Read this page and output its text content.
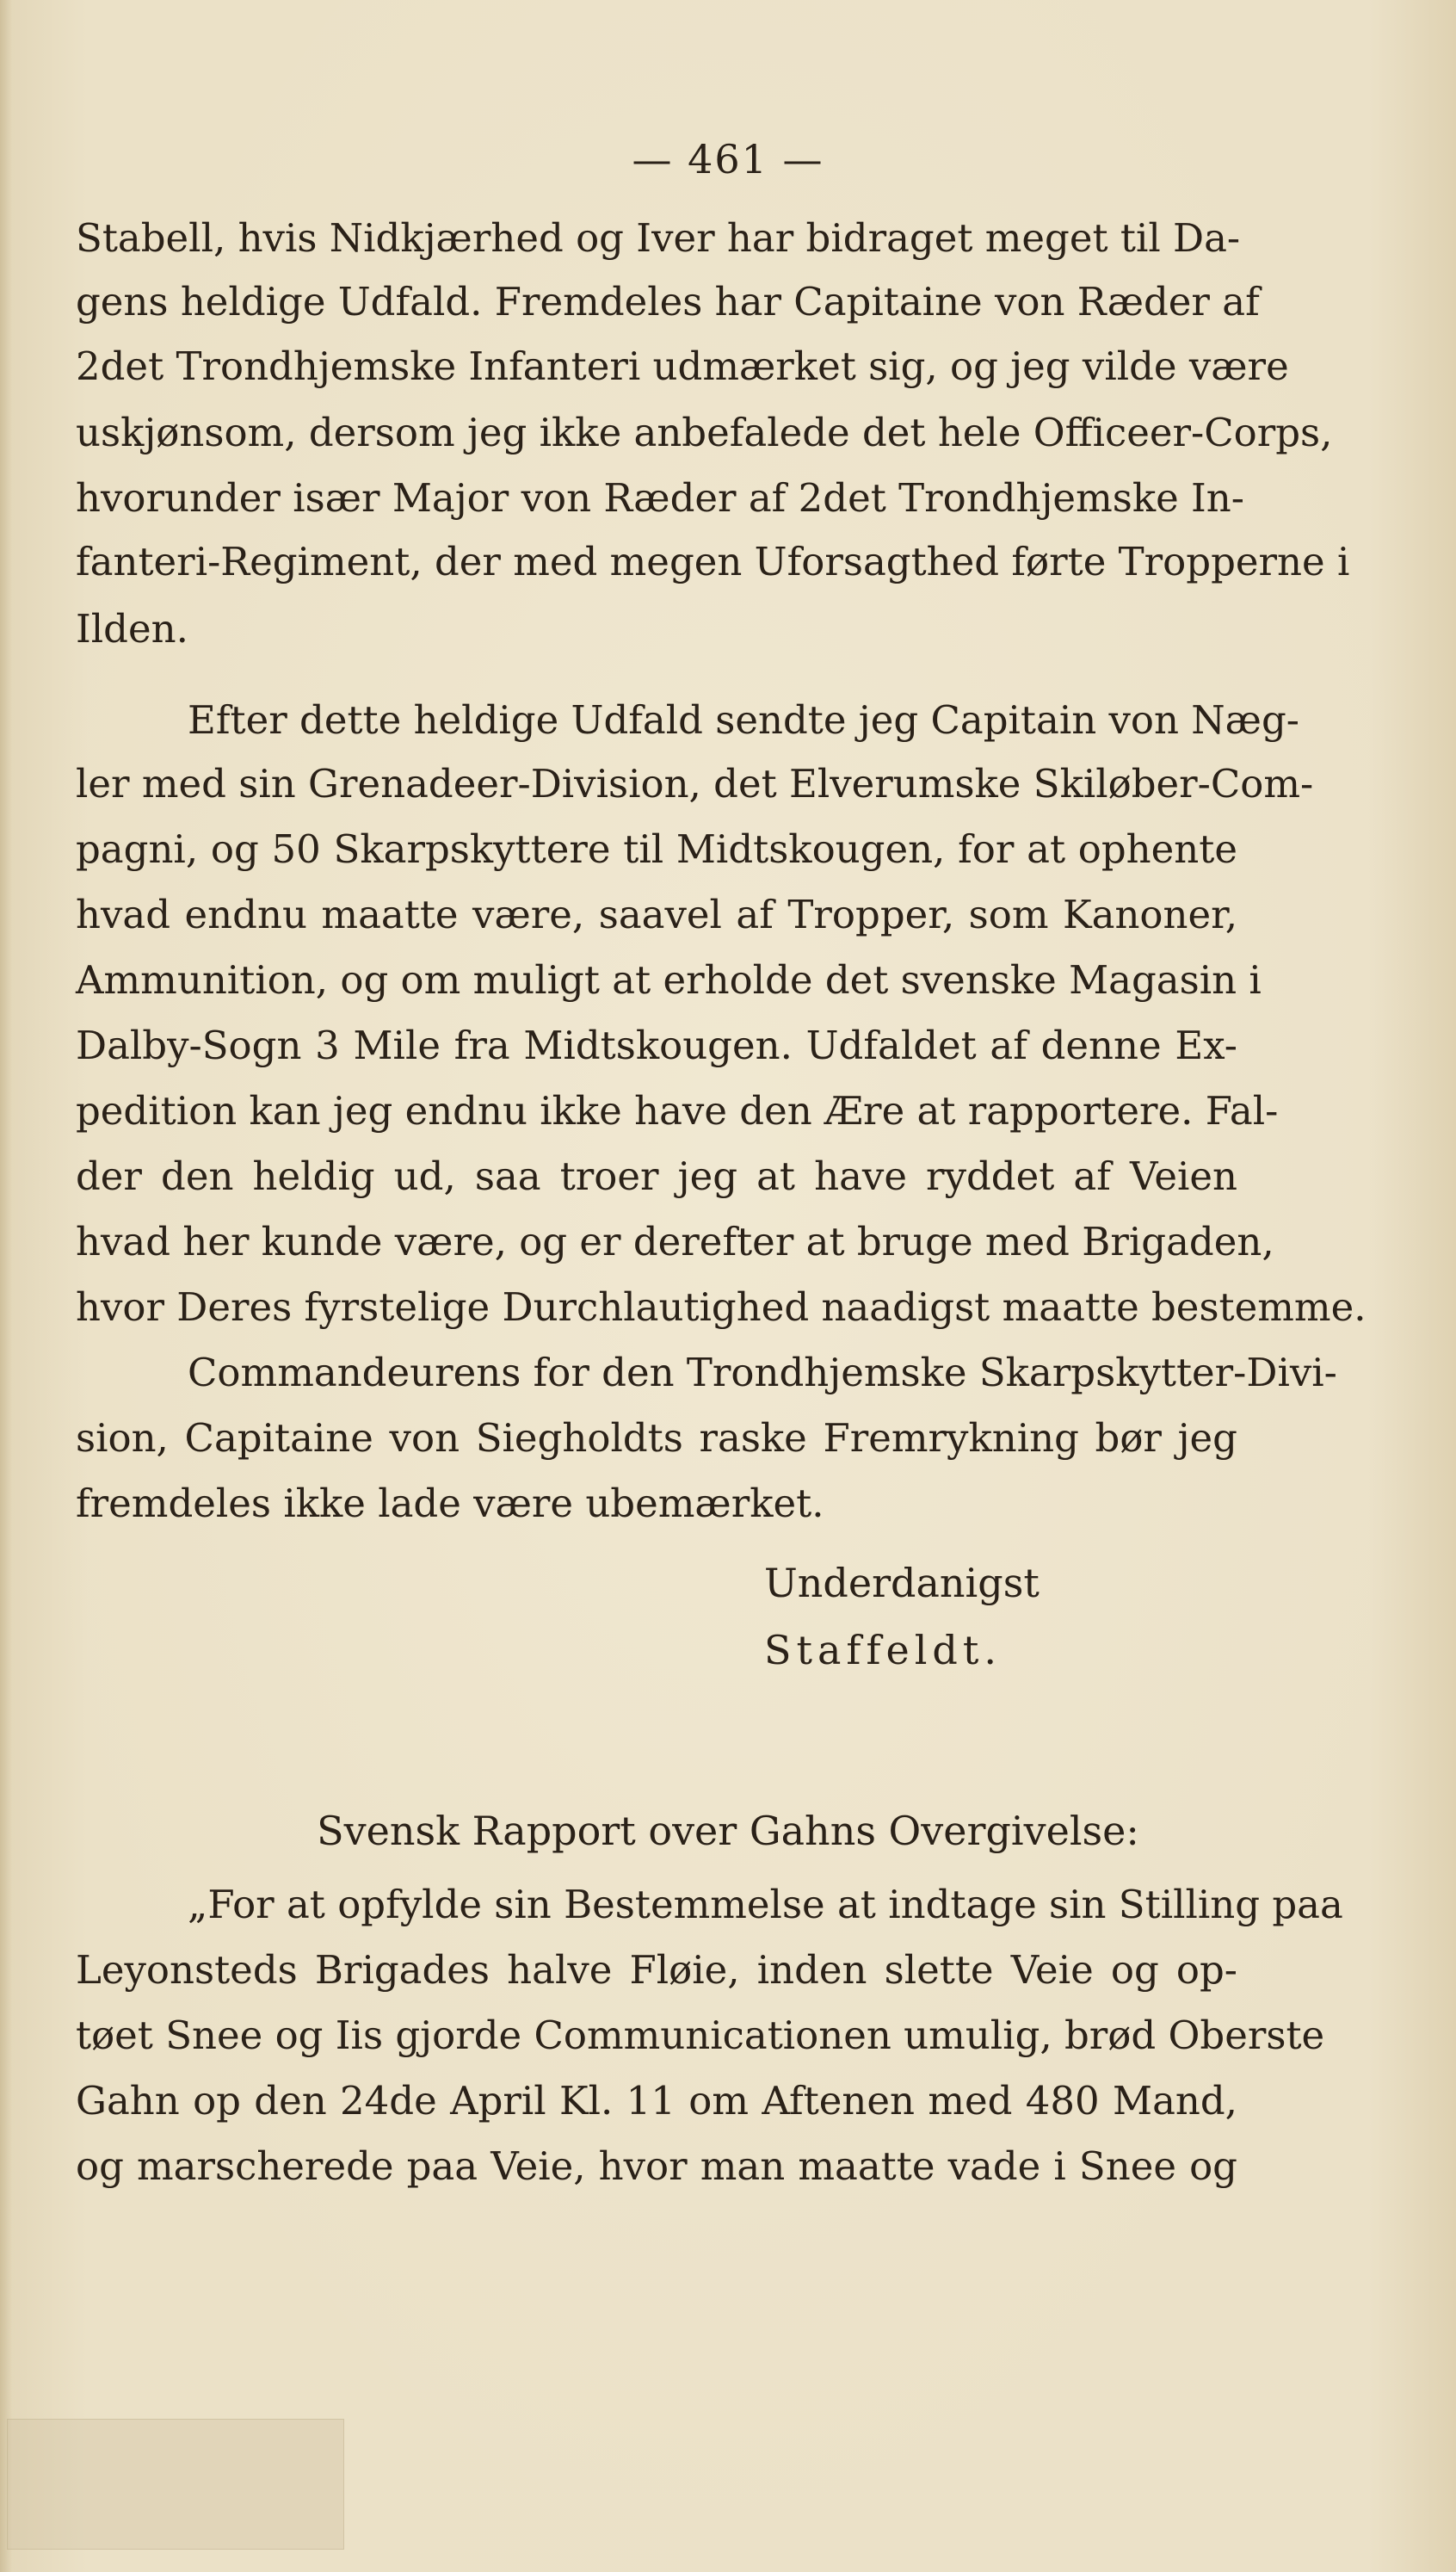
— 461 —
Stabell, hvis Nidkjærhed og Iver har bidraget meget til Da-
gens heldige Udfald. Fremdeles har Capitaine von Ræder af
2det Trondhjemske Infanteri udmærket sig, og jeg vilde være
uskjønsom, dersom jeg ikke anbefalede det hele Officeer-Corps,
hvorunder især Major von Ræder af 2det Trondhjemske In-
fanteri-Regiment, der med megen Uforsagthed førte Tropperne i
Ilden.
Efter dette heldige Udfald sendte jeg Capitain von Næg-
ler med sin Grenadeer-Division, det Elverumske Skiløber-Com-
pagni, og 50 Skarpskyttere til Midtskougen, for at ophente
hvad endnu maatte være, saavel af Tropper, som Kanoner,
Ammunition, og om muligt at erholde det svenske Magasin i
Dalby-Sogn 3 Mile fra Midtskougen. Udfaldet af denne Ex-
pedition kan jeg endnu ikke have den Ære at rapportere. Fal-
der den heldig ud, saa troer jeg at have ryddet af Veien
hvad her kunde være, og er derefter at bruge med Brigaden,
hvor Deres fyrstelige Durchlautighed naadigst maatte bestemme.
Commandeurens for den Trondhjemske Skarpskytter-Divi-
sion, Capitaine von Siegholdts raske Fremrykning bør jeg
fremdeles ikke lade være ubemærket.
Underdanigst
Staffeldt.
Svensk Rapport over Gahns Overgivelse:
„For at opfylde sin Bestemmelse at indtage sin Stilling paa
Leyonsteds Brigades halve Fløie, inden slette Veie og op-
tøet Snee og Iis gjorde Communicationen umulig, brød Oberste
Gahn op den 24de April Kl. 11 om Aftenen med 480 Mand,
og marscherede paa Veie, hvor man maatte vade i Snee og
